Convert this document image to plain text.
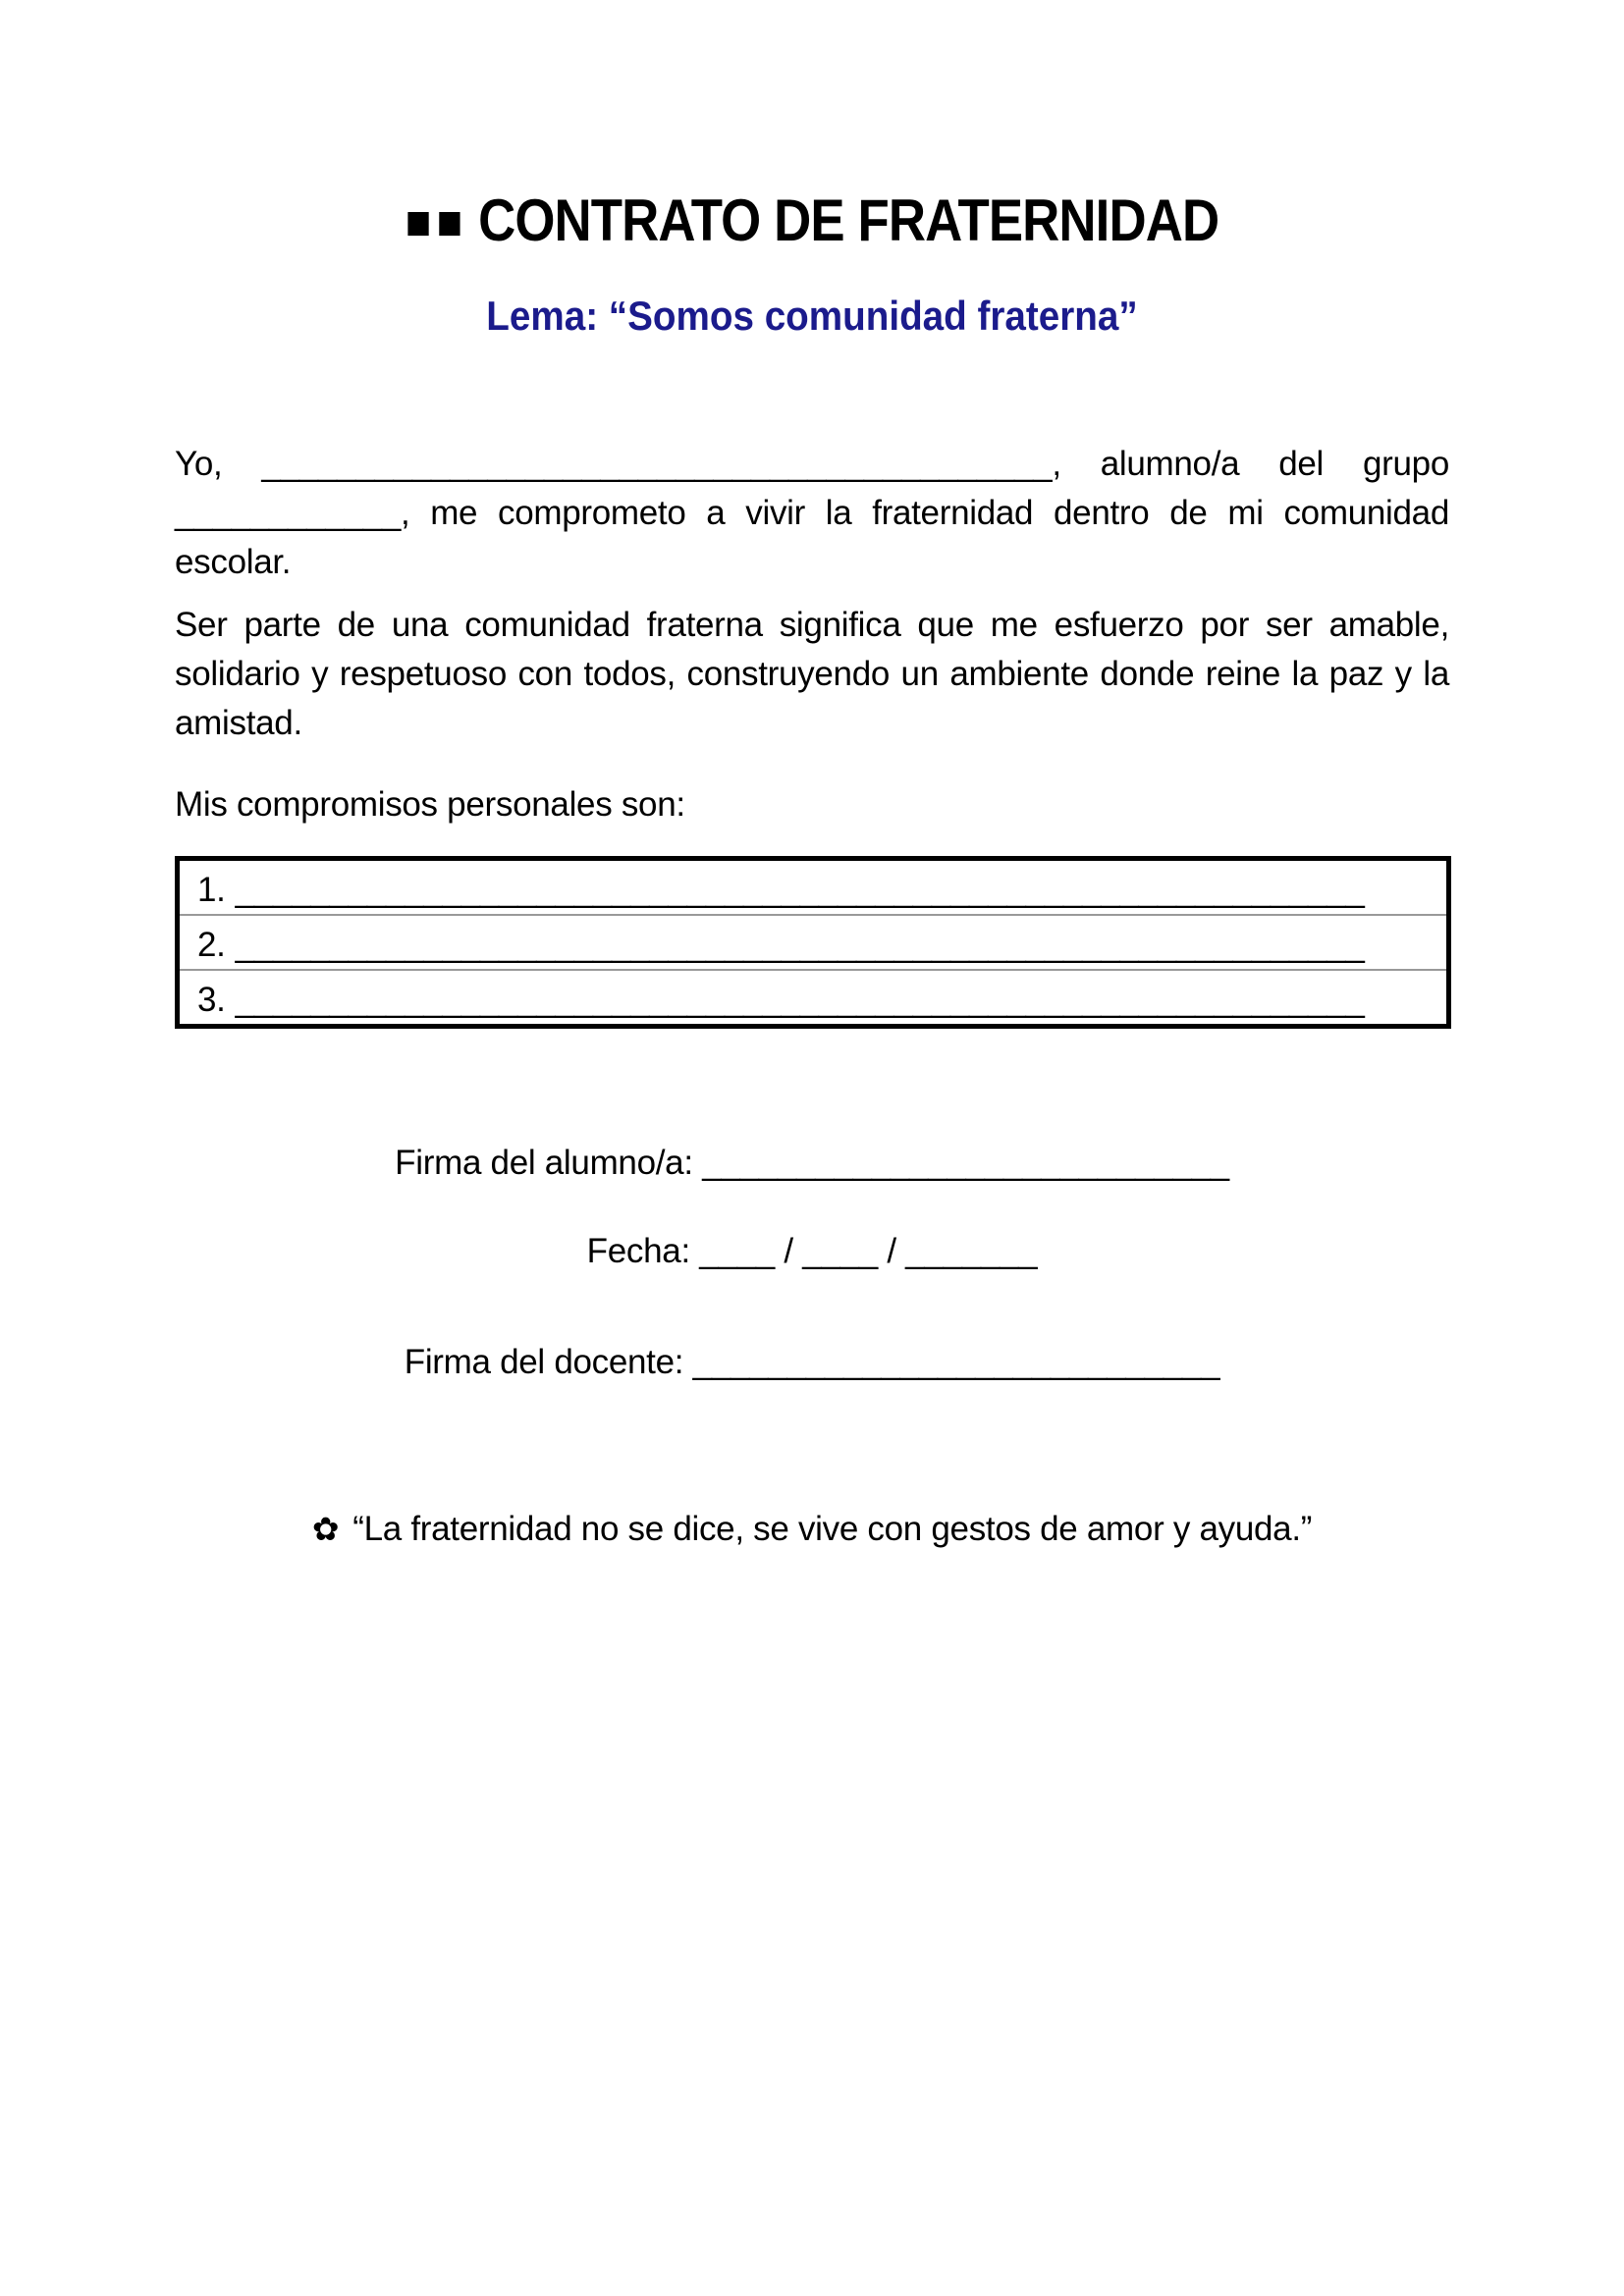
■■ CONTRATO DE FRATERNIDAD
Lema: “Somos comunidad fraterna”

Yo, __________________________________________, alumno/a del grupo ____________, me comprometo a vivir la fraternidad dentro de mi comunidad escolar.

Ser parte de una comunidad fraterna significa que me esfuerzo por ser amable, solidario y respetuoso con todos, construyendo un ambiente donde reine la paz y la amistad.

Mis compromisos personales son:

1. ____________________________________________________________
2. ____________________________________________________________
3. ____________________________________________________________

Firma del alumno/a: ____________________________

Fecha: ____ / ____ / _______

Firma del docente: ____________________________

✿ “La fraternidad no se dice, se vive con gestos de amor y ayuda.”
